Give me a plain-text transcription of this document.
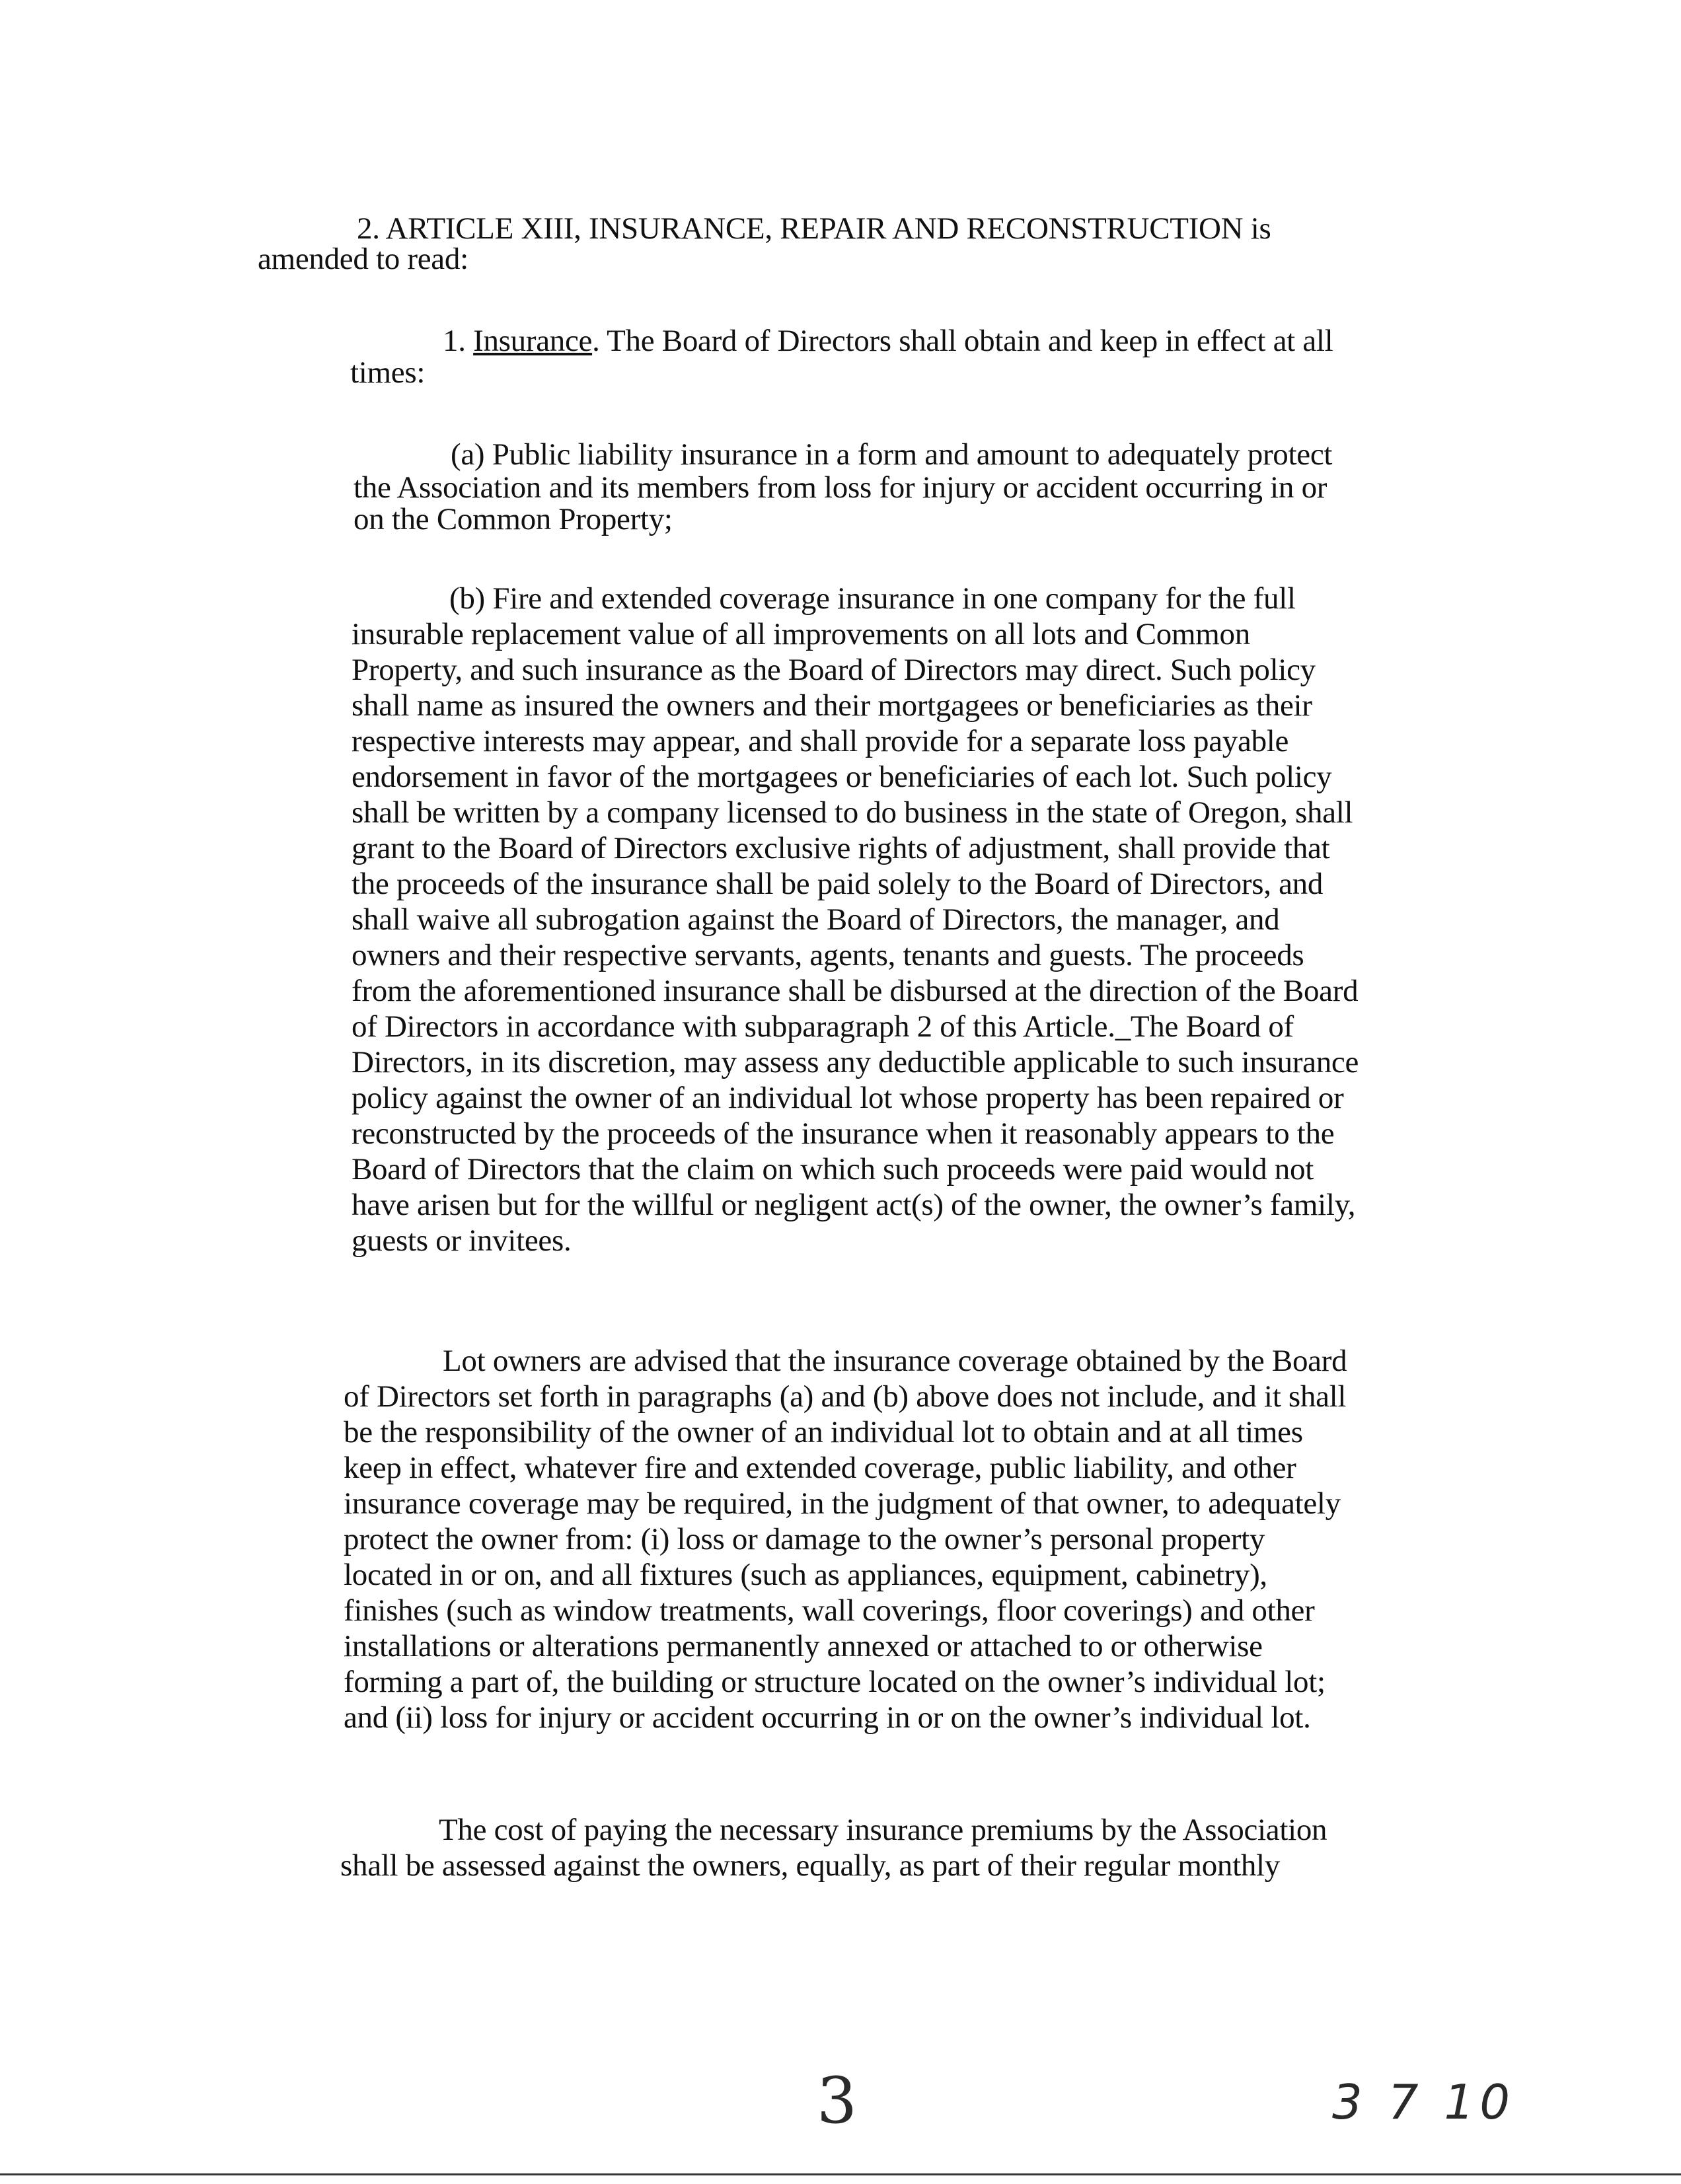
2. ARTICLE XIII, INSURANCE, REPAIR AND RECONSTRUCTION is
amended to read:
1. Insurance. The Board of Directors shall obtain and keep in effect at all
times:
(a) Public liability insurance in a form and amount to adequately protect
the Association and its members from loss for injury or accident occurring in or
on the Common Property;
(b) Fire and extended coverage insurance in one company for the full
insurable replacement value of all improvements on all lots and Common
Property, and such insurance as the Board of Directors may direct. Such policy
shall name as insured the owners and their mortgagees or beneficiaries as their
respective interests may appear, and shall provide for a separate loss payable
endorsement in favor of the mortgagees or beneficiaries of each lot. Such policy
shall be written by a company licensed to do business in the state of Oregon, shall
grant to the Board of Directors exclusive rights of adjustment, shall provide that
the proceeds of the insurance shall be paid solely to the Board of Directors, and
shall waive all subrogation against the Board of Directors, the manager, and
owners and their respective servants, agents, tenants and guests. The proceeds
from the aforementioned insurance shall be disbursed at the direction of the Board
of Directors in accordance with subparagraph 2 of this Article._The Board of
Directors, in its discretion, may assess any deductible applicable to such insurance
policy against the owner of an individual lot whose property has been repaired or
reconstructed by the proceeds of the insurance when it reasonably appears to the
Board of Directors that the claim on which such proceeds were paid would not
have arisen but for the willful or negligent act(s) of the owner, the owner’s family,
guests or invitees.
Lot owners are advised that the insurance coverage obtained by the Board
of Directors set forth in paragraphs (a) and (b) above does not include, and it shall
be the responsibility of the owner of an individual lot to obtain and at all times
keep in effect, whatever fire and extended coverage, public liability, and other
insurance coverage may be required, in the judgment of that owner, to adequately
protect the owner from: (i) loss or damage to the owner’s personal property
located in or on, and all fixtures (such as appliances, equipment, cabinetry),
finishes (such as window treatments, wall coverings, floor coverings) and other
installations or alterations permanently annexed or attached to or otherwise
forming a part of, the building or structure located on the owner’s individual lot;
and (ii) loss for injury or accident occurring in or on the owner’s individual lot.
The cost of paying the necessary insurance premiums by the Association
shall be assessed against the owners, equally, as part of their regular monthly
3	3 7 10
